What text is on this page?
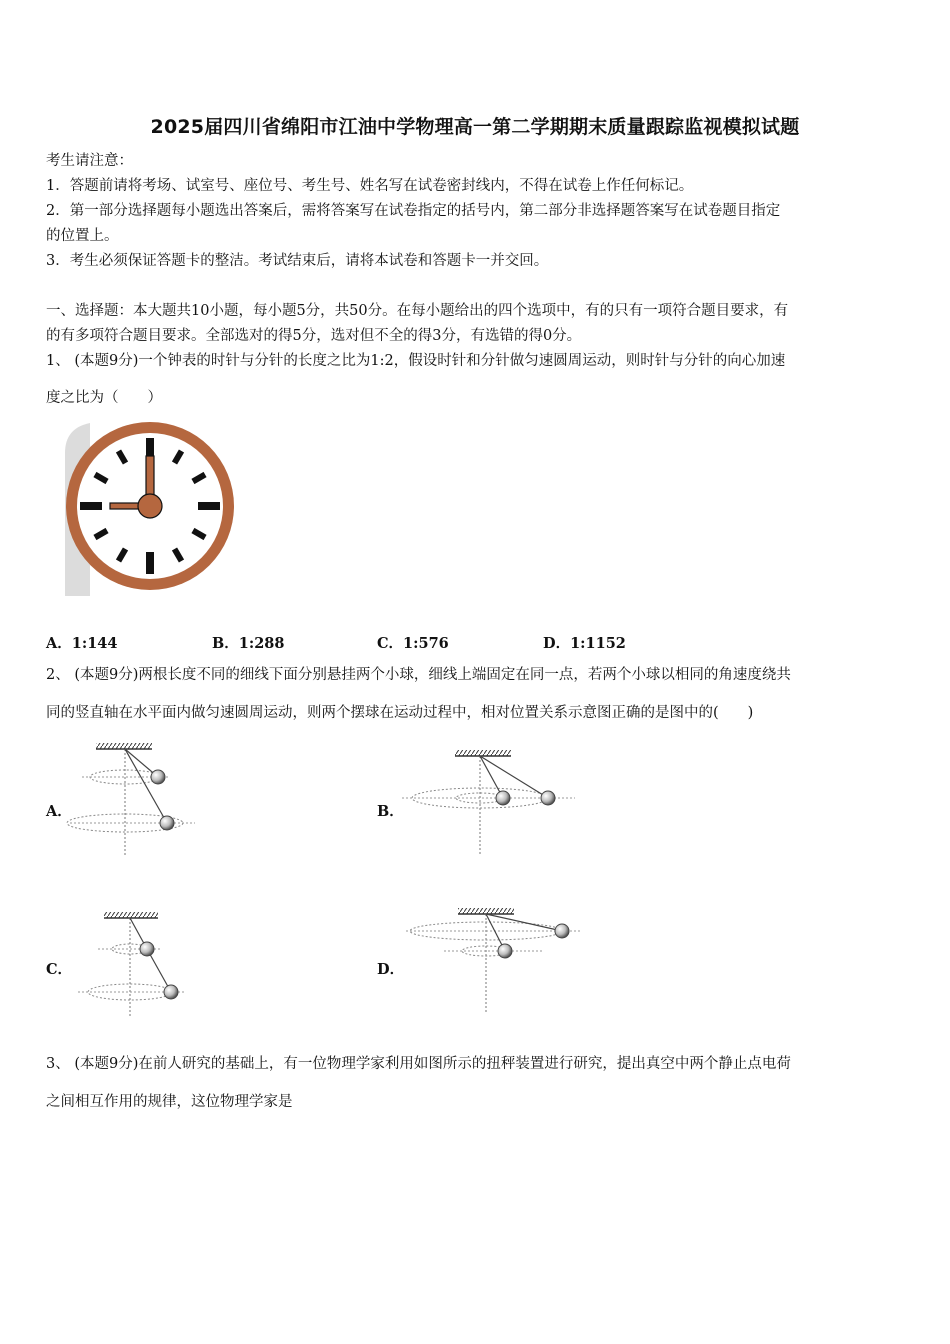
2025届四川省绵阳市江油中学物理高一第二学期期末质量跟踪监视模拟试题
考生请注意：
1．答题前请将考场、试室号、座位号、考生号、姓名写在试卷密封线内，不得在试卷上作任何标记。
2．第一部分选择题每小题选出答案后，需将答案写在试卷指定的括号内，第二部分非选择题答案写在试卷题目指定
的位置上。
3．考生必须保证答题卡的整洁。考试结束后，请将本试卷和答题卡一并交回。
一、选择题：本大题共10小题，每小题5分，共50分。在每小题给出的四个选项中，有的只有一项符合题目要求，有
的有多项符合题目要求。全部选对的得5分，选对但不全的得3分，有选错的得0分。
1、 (本题9分)一个钟表的时针与分针的长度之比为1:2，假设时针和分针做匀速圆周运动，则时针与分针的向心加速
度之比为（　　）
A．1:144	B．1:288	C．1:576	D．1:1152
2、 (本题9分)两根长度不同的细线下面分别悬挂两个小球，细线上端固定在同一点，若两个小球以相同的角速度绕共
同的竖直轴在水平面内做匀速圆周运动，则两个摆球在运动过程中，相对位置关系示意图正确的是图中的(　　)
A．	B．
C．	D．
3、 (本题9分)在前人研究的基础上，有一位物理学家利用如图所示的扭秤装置进行研究，提出真空中两个静止点电荷
之间相互作用的规律，这位物理学家是
